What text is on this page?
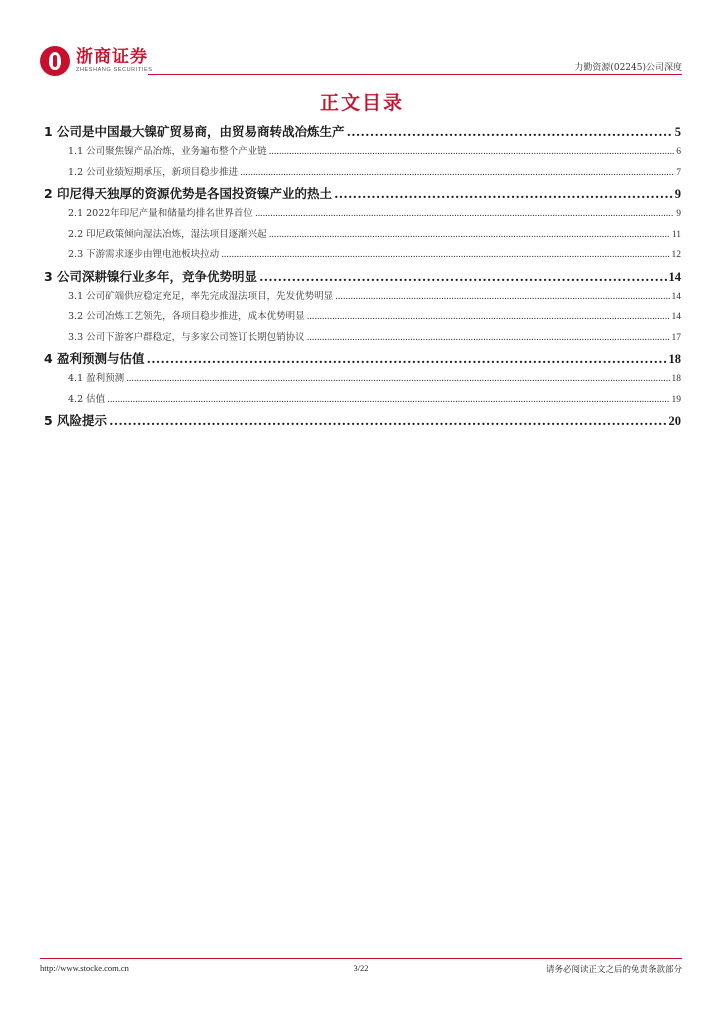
浙商证券
ZHESHANG SECURITIES	力勤资源(02245)公司深度
正文目录
1 公司是中国最大镍矿贸易商，由贸易商转战冶炼生产 .....	5
1.1 公司聚焦镍产品冶炼，业务遍布整个产业链 .....	6
1.2 公司业绩短期承压，新项目稳步推进 .....	7
2 印尼得天独厚的资源优势是各国投资镍产业的热土 .....	9
2.1 2022年印尼产量和储量均排名世界首位 .....	9
2.2 印尼政策倾向湿法冶炼，湿法项目逐渐兴起 .....	11
2.3 下游需求逐步由锂电池板块拉动 .....	12
3 公司深耕镍行业多年，竞争优势明显 .....	14
3.1 公司矿端供应稳定充足，率先完成湿法项目，先发优势明显 .....	14
3.2 公司冶炼工艺领先，各项目稳步推进，成本优势明显 .....	14
3.3 公司下游客户群稳定，与多家公司签订长期包销协议 .....	17
4 盈利预测与估值 .....	18
4.1 盈利预测 .....	18
4.2 估值 .....	19
5 风险提示 .....	20
http://www.stocke.com.cn	3/22	请务必阅读正文之后的免责条款部分
